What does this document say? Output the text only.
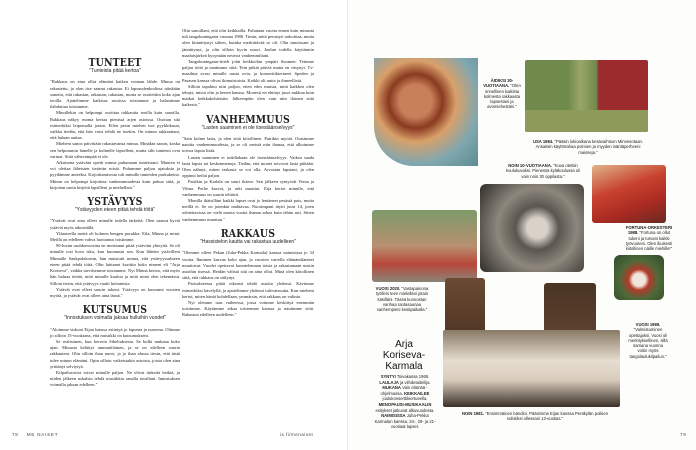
TUNTEET
"Tunteista pitää kertoa"

"Rakkaus on aina ollut elämäni kaiken voiman lähde. Minua on rakastettu, ja olen itse saanut rakastaa. Ei lapsuudenkodissa niinkään sanottu, että rakastan, rakastan, rakastan, mutta se osoitettiin koko ajan teoilla. Ajattelimme kaikissa asioissa toisiamme ja halusimme ilahduttaa toisiamme.

Minullekin on helpompi osoittaa rakkautta teoilla kuin sanoilla. Rakkaus näkyy monta kertaa pienissä arjen asioissa. Osoitan sitä esimerkiksi leipomalla jotain. Eilen pesin miehen isot pyykkikasat, vaikka tiedän, että hän voisi tehdä ne itsekin. On minun rakkauttani, että haluan auttaa.

Mieheni sanoo päivittäin rakastavansa minua. Minäkin sanon, koska sen helpommin hänelle ja kolmelle lapselleni, mutta silti tunteeni ovat varmat. Siitä vähevämpää ei ole.

Aikuisena ystäväni opetti minua puhumaan tunteistani. Muuten ei voi olettaa läheisten tietävän niistä. Puhumme paljon ajatuksia ja pyydämme anteeksi. Kirjoittamisesta tuli minulle tunteiden purkukeino. Minun on helpompi kirjoittaa vanhemmuudesta kuin puhua siitä, ja kirjoitan usein kirjeitä lapsilleni ja miehelleni."

YSTÄVYYS
"Ystävyyden eteen pitää tehdä töitä"

"Ystävät ovat aina olleet minulle todella tärkeitä. Olen saanut hyviä ystäviä myös aikuisiällä.

Yläasteella meitä oli kolmen hengen porukka: Eila, Minna ja minä. Meillä on edelleen vahva luottamus toisiimme.

90-luvun ruuhkavuosina en muistanut pitää ystäviini yhteyttä. Se oli minulle tosi kova isku, kun huomasin sen. Kun lähetin ystävilleni Minnalle Saukpalukortin, hän muistutti minua, että ystävyyssuhteen eteen pitää tehdä töitä. Olin laittanut korttiin koko nimeni eli "Arja Koriseva", vaikka tarvitsemme toisiamme. Nyt Minna kertoo, että myös hän haluaa tietää, mitä minulle kuuluu ja mitä minä olen tekemässä. Silloin tiesin, että ystävyys vaatii hoitamista.

Ystävät ovat olleet suurin tukeni. Ystävyys on kasvanut vuosien myötä, ja ystävät ovat olleet aina läsnä."

KUTSUMUS
"Innostuksen voimalla jaksaa hulluihin vuodet"

"Aloimme siskoni Eijan kanssa esiintyä jo lapsena ja nuorena. Olimme jo silloin 15-vuotiaana, että musiikki on kutsumukseni.

Se realistinen, kun kerroin Sibeliuksesta. Se kulki mukana koko ajan. Minusta kehittyi ammattilainen, ja se on edelleen suurin rakkauteni. Olin silloin ihan nuori, ja jo ihan alussa tiesin, että tästä tulee minun elämäni. Opin silloin vaikeistakin asioista, joista olen aina yrittänyt selviytyä.

Kilpailuvoitot toivat minulle paljon. Ne olivat tärkeitä hetkiä, ja niiden jälkeen uskalsin tehdä musiikkia omalla tavallani. Innostuksen voimalla jaksan edelleen."

Olin sanoillani, että olin keikkailla. Puhutaan vuotta ennen kuin minusta tuli tangokuningatar vuonna 1986. Tiesin, mitä perustyö tarkoittaa, mutta olen kiinnittynyt siihen, kuinka merkittävää se oli. Olin innoissani ja jännittynyt, ja olin silloin hyvin nuori. Joulun todella käyttämiin maalaisjärkeä kysymään neuvoa vanhemmiltani.

Tangokuningatar-titteli johti keikkoihin ympäri Suomen. Teimme paljon töitä ja nautimme siitä. Tein pitkiä päiviä mutta en väsynyt. Tv-maailma avasi minulle uusia ovia, ja konserttikiertueet Speden ja Pasasen kanssa olivat ikimuistoisia. Kaikki oli uutta ja ihmeellistä.

Silloin tapahtui niin paljon, etten edes muista, mitä kaikkea olen tehnyt, missä olin ja kenen kanssa. Monesti en ehtinyt juuri nukkua kuin matkat keikkakohteisiin. Jälkeenpäin olen vain niin iloinen siitä kaikesta."

VANHEMMUUS
"Lasten saaminen ei ole itsestäänselvyys"

"Sain kolme lasta, ja olen siitä kiitollinen. Patrikin myötä. Osasimme nauttia vanhemmuudesta, ja se oli meistä niin ihanaa, että alkoimme toivoa lapsia lisää.

Lasten saaminen ei todellakaan ole itsestäänselvyys. Vaikea saada lasta lapsia tai keskenmenoja. Tiedän, että monet toivovat lasta pitkään. Olen nähnyt, miten raskasta se voi olla. Arvostan lapsiani, ja olen oppinut heiltä paljon.

Patrikin ja Karlala on suuri ikäero. Sen jälkeen syntyivät Verna ja Vilma. Perhe kasvoi, ja arki muuttui. Eija kertoi minulle, että vanhemmuus on suurin tehtävä.

Monilla ikäisilläni kaikki lapset ovat jo lentäneet pesästä pois, mutta meillä ei. Se on jotenkin mahtavaa. Nuorimpani täytti juuri 14, joten odotettavissa on vielä monta vuotta ihanan arkea kuin tähän asti. Sitten vanhemmuus muuttuu."

RAKKAUS
"Hassistelon kautta vai rakastua uudelleen"

"Olemme olleet Pekan (Juha-Pekka Karmala) kanssa naimisissa jo 34 vuotta. Ihminen kasvaa koko ajan, ja vuosien varrella elämäntilanteet muuttuvat. Vuodet opettavat kuuntelemaan toisia ja rakastamaan uusiin asioihin itsessä. Heidän välistä sitä on aina ollut. Minä olen kiitollinen siitä, että rakkaus on säilynyt.

Parisuhteessa pitää oikeasti tehdä asioita yhdessä. Kävimme esimerkiksi kävelyllä, ja ajattelimme yhdessä tulevaisuutta. Kun mieheni kertoi, miten häntä kohdellaan, ymmärsin, että rakkaus on valinta.

Nyt olemme taas vaiheessa, jossa voimme keskittyä enemmän toisiimme. Käytämme aikaa toistemme kanssa ja nautimme siitä. Rakastun edelleen uudelleen."

78 ME NAISET	is.fi/menaiset
ÄIDIKSI 30-VUOTIAANA. "Olen onnellinen kaikista kolmesta rakkaasta lapsestani ja avomiehestäni."
USA 1984. "Pääsin lukioaikana kesävaihtoon Minnesotaan. Ansaitsin käyttörahaa poimien ja myyden isäntäperheeni maissejа."
NOIN 10-VUOTIAANA. "Kuva otettiin koulukuvaksi. Pienessä kyläkoulussa oli vain noin 30 oppilasta."
FORTUNA-ORKESTERI 1988. "Fortuna on ollut tukeni ja turvani kaikki työvuoteni. Olen ikuisesti kiitollinen näille miehille!"
VUOSI 2020. "Vastapainona työlleni teen mielelläni jotain käsilläni. Tässä kunnostan vanhaa rantasaunaa vanhempieni kesäpaikalla."
VUOSI 1989. "Valmistuminen opettajaksi. Vuosi oli merkityksellinen, sillä samana vuonna voitin myös tangolaulukilpailun."
NOIN 1981. "Ensimmäinen bändini. Pääsimme Eijan kanssa Peräkylän poikien solistiksi ollessani 13-vuotias."
Arja
Koriseva-
Karmala
SYNTYI Toivakassa 1965. LAULAJA ja viihdetaiteilija. MUKANA Vain elämää -ohjelmassa. KEIKKAILEE joulukonserttikiertueella. MENOPAUSI-MUSIKAALIN esitykset jatkuvat alkuvuodesta. NAIMISISSA Juha-Pekka Karmalan kanssa. 34-, 29- ja 21-vuotiaat lapset.
79
